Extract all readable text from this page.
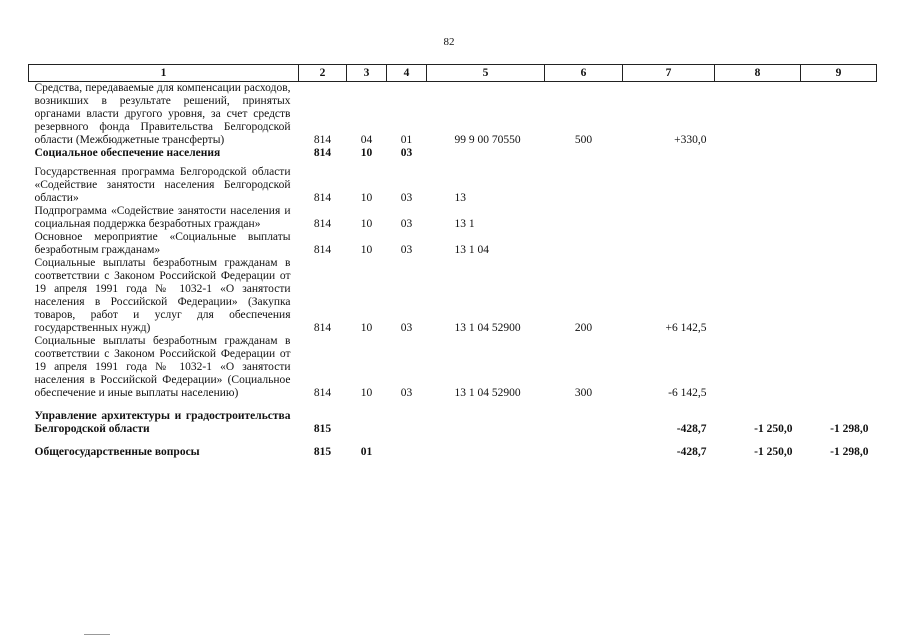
82
1	2	3	4	5	6	7	8	9
Средства, передаваемые для компенсации расходов, возникших в результате решений, принятых органами власти другого уровня, за счет средств резервного фонда Правительства Белгородской области (Межбюджетные трансферты)	814	04	01	99 9 00 70550	500	+330,0		
Социальное обеспечение населения	814	10	03					
Государственная программа Белгородской области «Содействие занятости населения Белгородской области»	814	10	03	13				
Подпрограмма «Содействие занятости населения и социальная поддержка безработных граждан»	814	10	03	13 1				
Основное мероприятие «Социальные выплаты безработным гражданам»	814	10	03	13 1 04				
Социальные выплаты безработным гражданам в соответствии с Законом Российской Федерации от 19 апреля 1991 года № 1032-1 «О занятости населения в Российской Федерации» (Закупка товаров, работ и услуг для обеспечения государственных нужд)	814	10	03	13 1 04 52900	200	+6 142,5		
Социальные выплаты безработным гражданам в соответствии с Законом Российской Федерации от 19 апреля 1991 года № 1032-1 «О занятости населения в Российской Федерации» (Социальное обеспечение и иные выплаты населению)	814	10	03	13 1 04 52900	300	-6 142,5		
Управление архитектуры и градостроительства Белгородской области	815					-428,7	-1 250,0	-1 298,0
Общегосударственные вопросы	815	01				-428,7	-1 250,0	-1 298,0
